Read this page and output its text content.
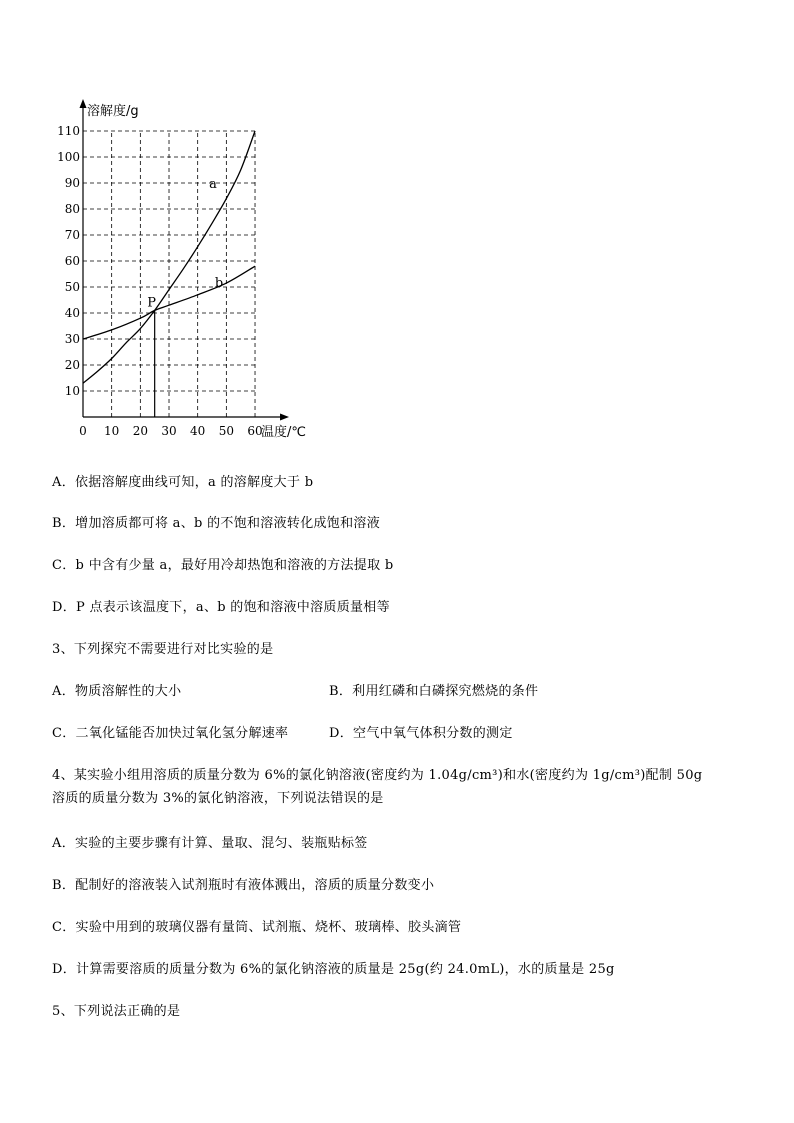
10
20
30
40
50
60
70
80
90
100
110
0 10 20 30 40 50 60
溶解度/g
温度/℃
P
a
b
A．依据溶解度曲线可知，a 的溶解度大于 b
B．增加溶质都可将 a、b 的不饱和溶液转化成饱和溶液
C．b 中含有少量 a，最好用冷却热饱和溶液的方法提取 b
D．P 点表示该温度下，a、b 的饱和溶液中溶质质量相等
3、下列探究不需要进行对比实验的是
A．物质溶解性的大小	B．利用红磷和白磷探究燃烧的条件
C．二氧化锰能否加快过氧化氢分解速率	D．空气中氧气体积分数的测定
4、某实验小组用溶质的质量分数为 6%的氯化钠溶液(密度约为 1.04g/cm³)和水(密度约为 1g/cm³)配制 50g
溶质的质量分数为 3%的氯化钠溶液，下列说法错误的是
A．实验的主要步骤有计算、量取、混匀、装瓶贴标签
B．配制好的溶液装入试剂瓶时有液体溅出，溶质的质量分数变小
C．实验中用到的玻璃仪器有量筒、试剂瓶、烧杯、玻璃棒、胶头滴管
D．计算需要溶质的质量分数为 6%的氯化钠溶液的质量是 25g(约 24.0mL)，水的质量是 25g
5、下列说法正确的是
